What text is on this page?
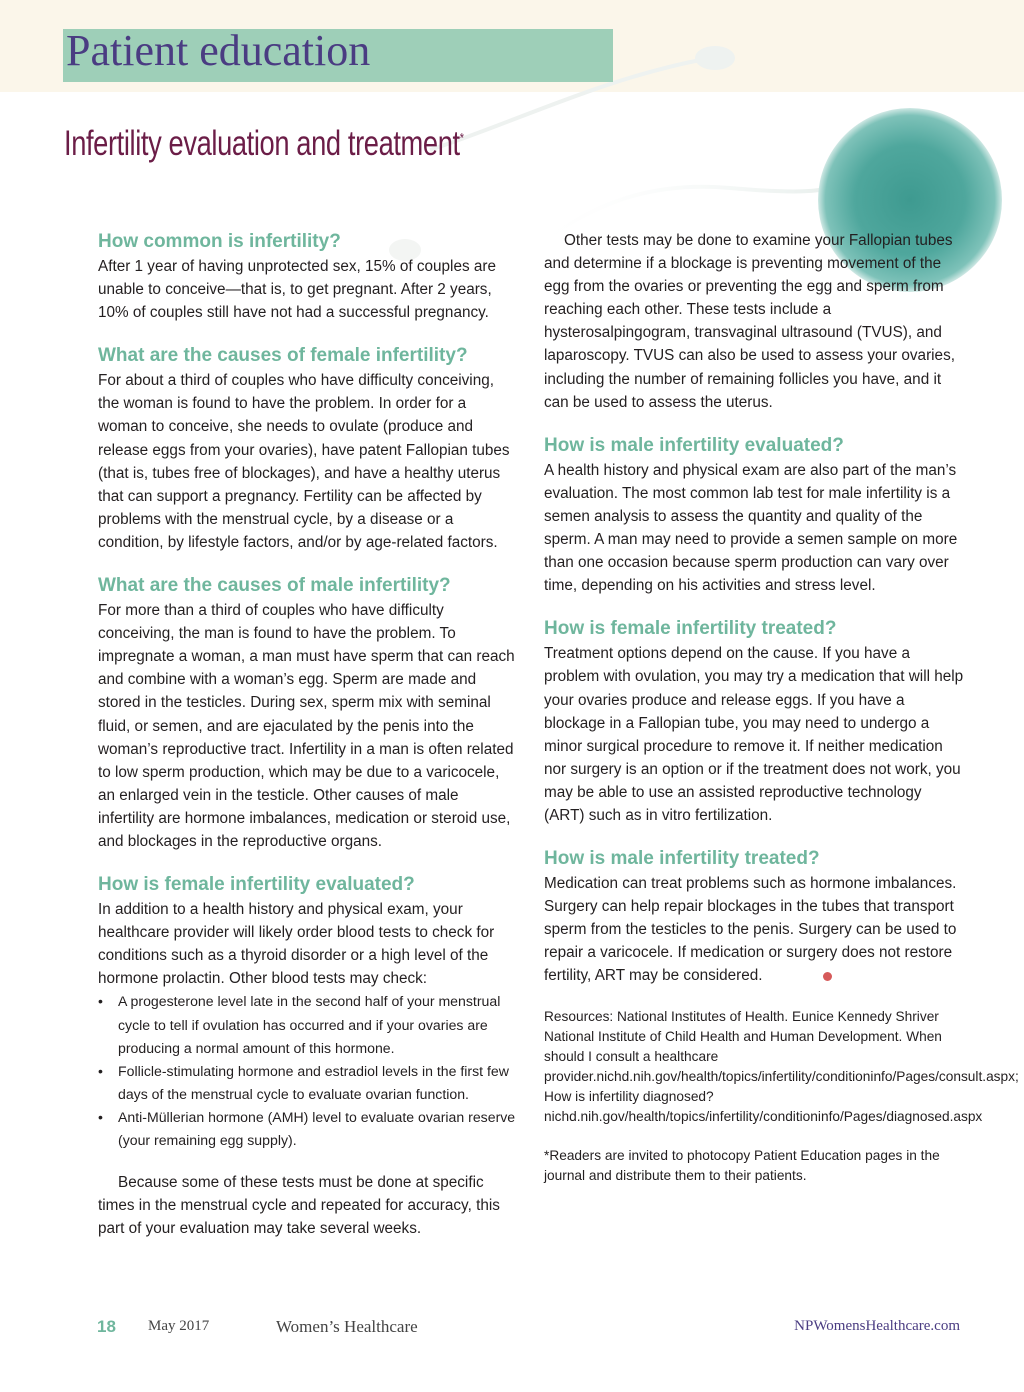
Patient education
Infertility evaluation and treatment*
How common is infertility?

After 1 year of having unprotected sex, 15% of couples are unable to conceive—that is, to get pregnant. After 2 years, 10% of couples still have not had a successful pregnancy.

What are the causes of female infertility?

For about a third of couples who have difficulty conceiving, the woman is found to have the problem. In order for a woman to conceive, she needs to ovulate (produce and release eggs from your ovaries), have patent Fallopian tubes (that is, tubes free of blockages), and have a healthy uterus that can support a pregnancy. Fertility can be affected by problems with the menstrual cycle, by a disease or a condition, by lifestyle factors, and/or by age-related factors.

What are the causes of male infertility?

For more than a third of couples who have difficulty conceiving, the man is found to have the problem. To impregnate a woman, a man must have sperm that can reach and combine with a woman’s egg. Sperm are made and stored in the testicles. During sex, sperm mix with seminal fluid, or semen, and are ejaculated by the penis into the woman’s reproductive tract. Infertility in a man is often related to low sperm production, which may be due to a varicocele, an enlarged vein in the testicle. Other causes of male infertility are hormone imbalances, medication or steroid use, and blockages in the reproductive organs.

How is female infertility evaluated?

In addition to a health history and physical exam, your healthcare provider will likely order blood tests to check for conditions such as a thyroid disorder or a high level of the hormone prolactin. Other blood tests may check:

• A progesterone level late in the second half of your menstrual cycle to tell if ovulation has occurred and if your ovaries are producing a normal amount of this hormone.
• Follicle-stimulating hormone and estradiol levels in the first few days of the menstrual cycle to evaluate ovarian function.
• Anti-Müllerian hormone (AMH) level to evaluate ovarian reserve (your remaining egg supply).

Because some of these tests must be done at specific times in the menstrual cycle and repeated for accuracy, this part of your evaluation may take several weeks.

Other tests may be done to examine your Fallopian tubes and determine if a blockage is preventing movement of the egg from the ovaries or preventing the egg and sperm from reaching each other. These tests include a hysterosalpingogram, transvaginal ultrasound (TVUS), and laparoscopy. TVUS can also be used to assess your ovaries, including the number of remaining follicles you have, and it can be used to assess the uterus.

How is male infertility evaluated?

A health history and physical exam are also part of the man’s evaluation. The most common lab test for male infertility is a semen analysis to assess the quantity and quality of the sperm. A man may need to provide a semen sample on more than one occasion because sperm production can vary over time, depending on his activities and stress level.

How is female infertility treated?

Treatment options depend on the cause. If you have a problem with ovulation, you may try a medication that will help your ovaries produce and release eggs. If you have a blockage in a Fallopian tube, you may need to undergo a minor surgical procedure to remove it. If neither medication nor surgery is an option or if the treatment does not work, you may be able to use an assisted reproductive technology (ART) such as in vitro fertilization.

How is male infertility treated?

Medication can treat problems such as hormone imbalances. Surgery can help repair blockages in the tubes that transport sperm from the testicles to the penis. Surgery can be used to repair a varicocele. If medication or surgery does not restore fertility, ART may be considered.

Resources: National Institutes of Health. Eunice Kennedy Shriver National Institute of Child Health and Human Development. When should I consult a healthcare provider.nichd.nih.gov/health/topics/infertility/conditioninfo/Pages/consult.aspx; How is infertility diagnosed? nichd.nih.gov/health/topics/infertility/conditioninfo/Pages/diagnosed.aspx

*Readers are invited to photocopy Patient Education pages in the journal and distribute them to their patients.

18 May 2017	Women’s Healthcare	NPWomensHealthcare.com
